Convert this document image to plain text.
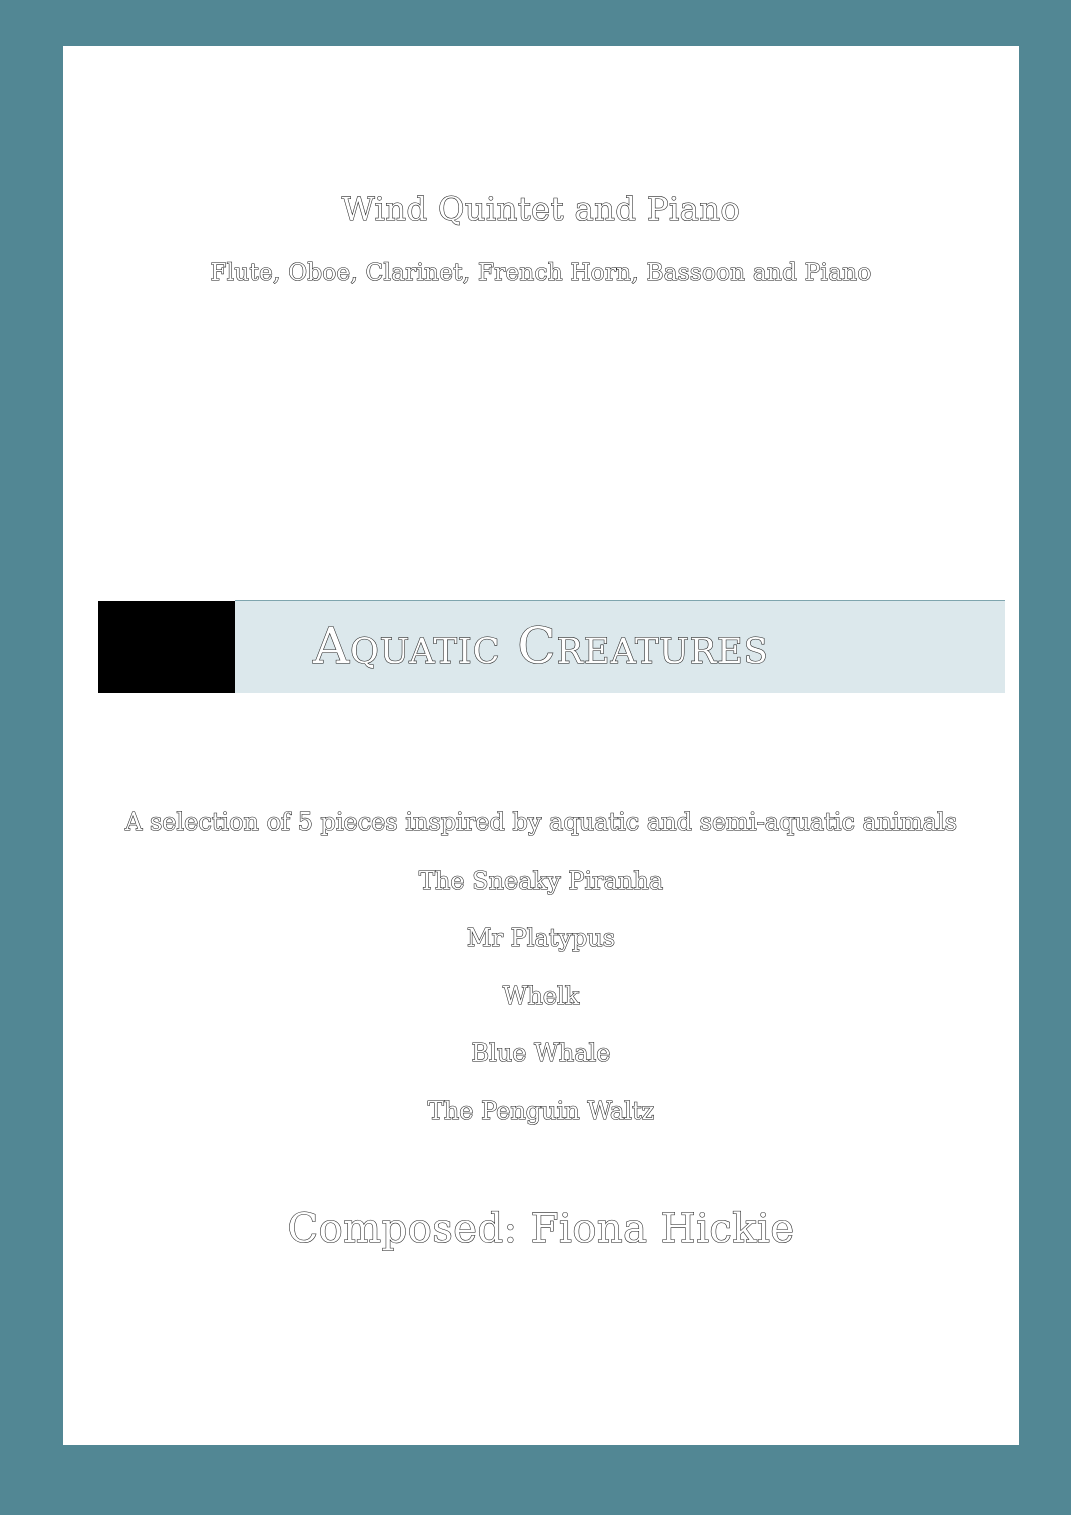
Wind Quintet and Piano

Flute, Oboe, Clarinet, French Horn, Bassoon and Piano

Aquatic Creatures

A selection of 5 pieces inspired by aquatic and semi-aquatic animals

The Sneaky Piranha
Mr Platypus
Whelk
Blue Whale
The Penguin Waltz

Composed: Fiona Hickie
